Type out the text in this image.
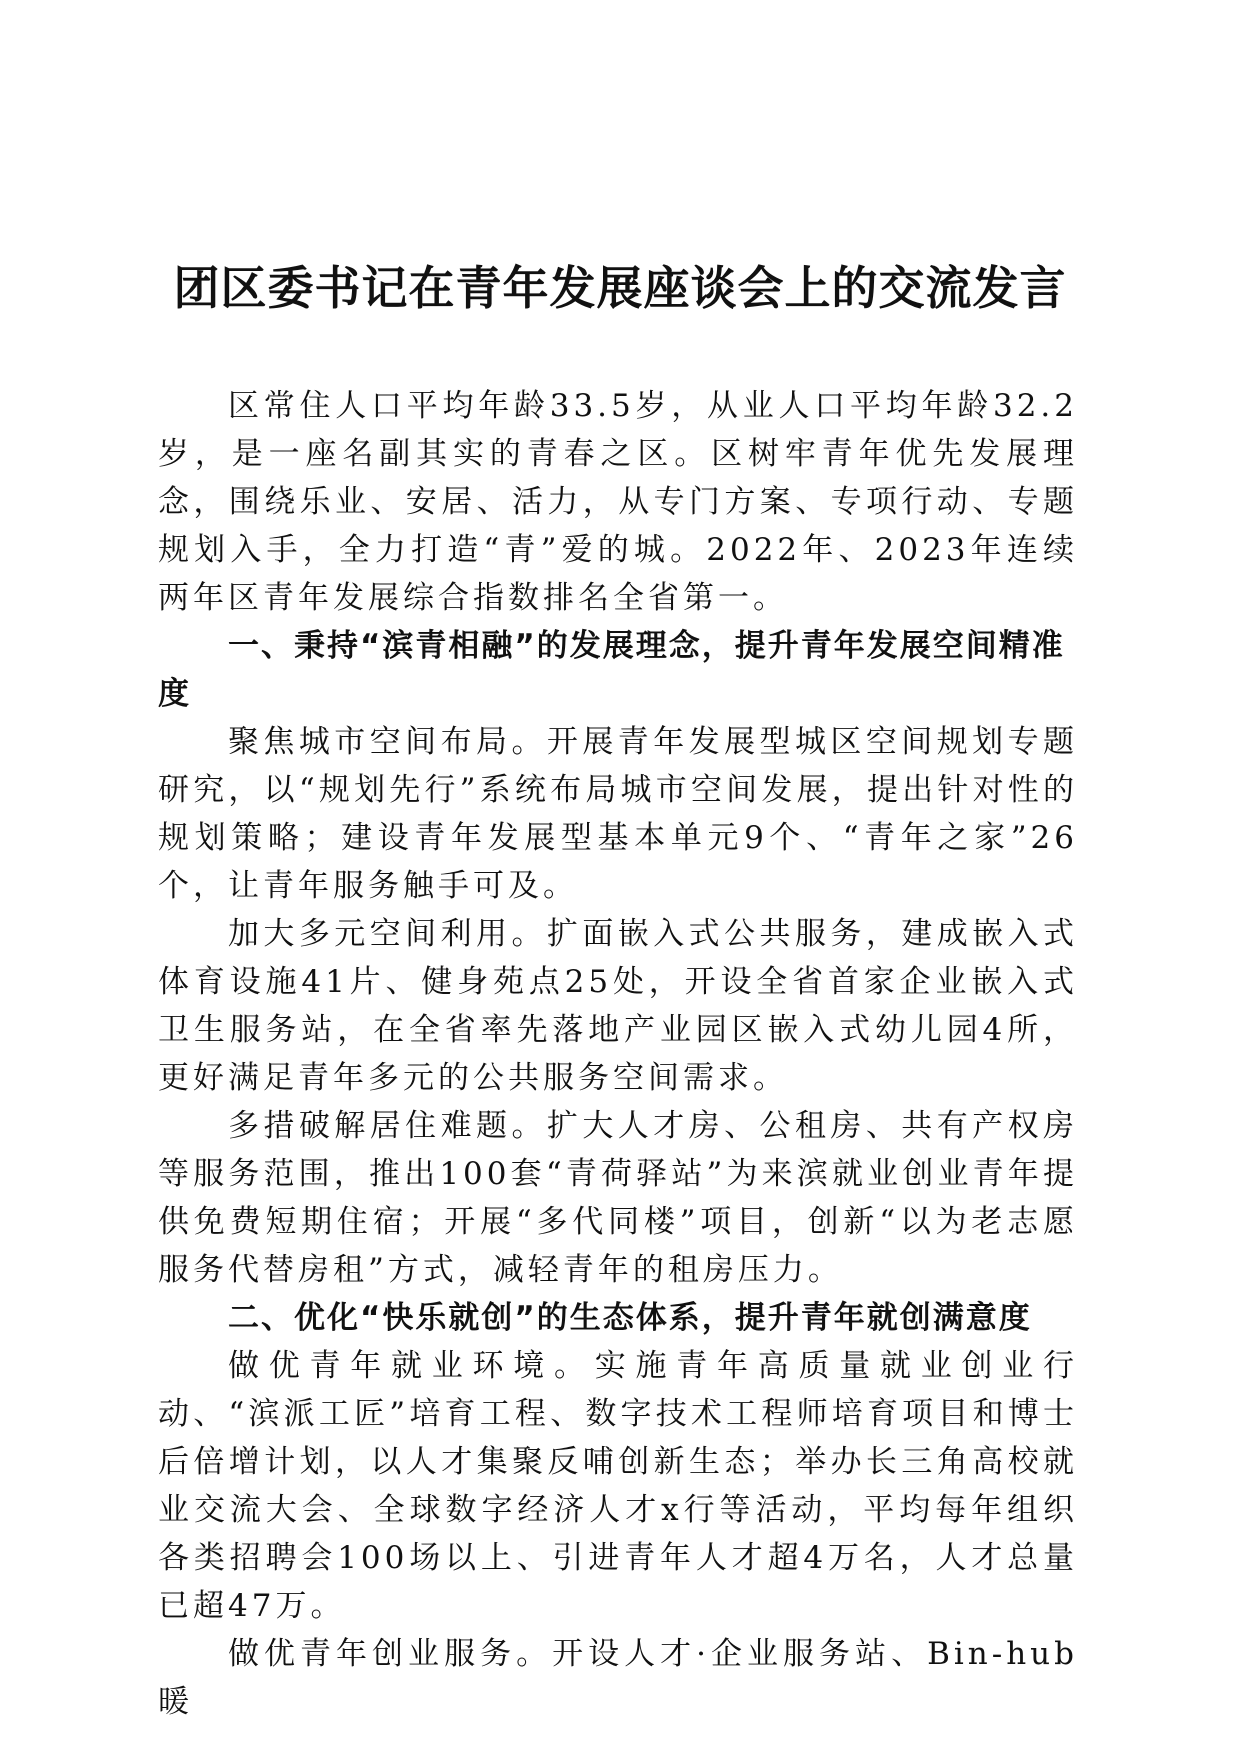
团区委书记在青年发展座谈会上的交流发言

区常住人口平均年龄33.5岁，从业人口平均年龄32.2岁，是一座名副其实的青春之区。区树牢青年优先发展理念，围绕乐业、安居、活力，从专门方案、专项行动、专题规划入手，全力打造“青”爱的城。2022年、2023年连续两年区青年发展综合指数排名全省第一。

一、秉持“滨青相融”的发展理念，提升青年发展空间精准度

聚焦城市空间布局。开展青年发展型城区空间规划专题研究，以“规划先行”系统布局城市空间发展，提出针对性的规划策略；建设青年发展型基本单元9个、“青年之家”26个，让青年服务触手可及。

加大多元空间利用。扩面嵌入式公共服务，建成嵌入式体育设施41片、健身苑点25处，开设全省首家企业嵌入式卫生服务站，在全省率先落地产业园区嵌入式幼儿园4所，更好满足青年多元的公共服务空间需求。

多措破解居住难题。扩大人才房、公租房、共有产权房等服务范围，推出100套“青荷驿站”为来滨就业创业青年提供免费短期住宿；开展“多代同楼”项目，创新“以为老志愿服务代替房租”方式，减轻青年的租房压力。

二、优化“快乐就创”的生态体系，提升青年就创满意度

做优青年就业环境。实施青年高质量就业创业行动、“滨派工匠”培育工程、数字技术工程师培育项目和博士后倍增计划，以人才集聚反哺创新生态；举办长三角高校就业交流大会、全球数字经济人才x行等活动，平均每年组织各类招聘会100场以上、引进青年人才超4万名，人才总量已超47万。

做优青年创业服务。开设人才·企业服务站、Bin-hub暖
